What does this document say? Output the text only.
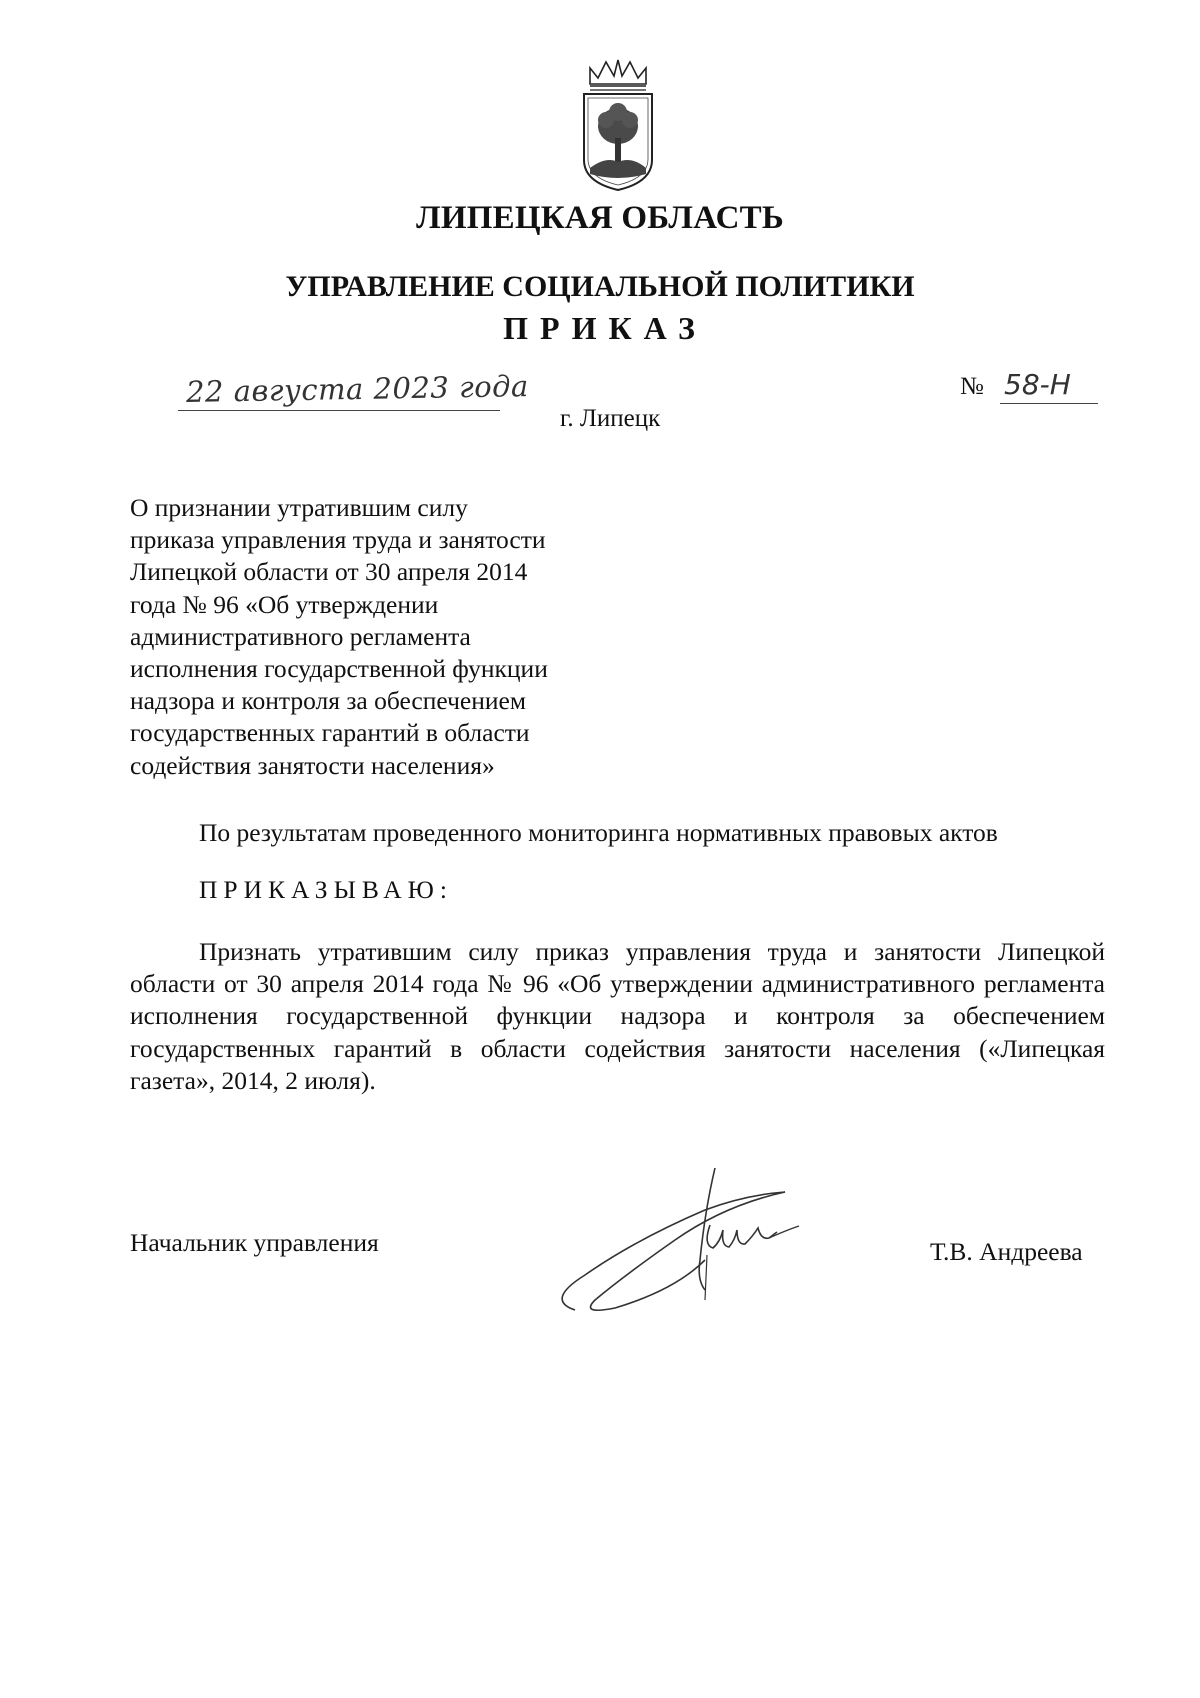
ЛИПЕЦКАЯ ОБЛАСТЬ
УПРАВЛЕНИЕ СОЦИАЛЬНОЙ ПОЛИТИКИ
ПРИКАЗ
22 августа 2023 года	№ 58-Н
г. Липецк
О признании утратившим силу
приказа управления труда и занятости
Липецкой области от 30 апреля 2014
года № 96 «Об утверждении
административного регламента
исполнения государственной функции
надзора и контроля за обеспечением
государственных гарантий в области
содействия занятости населения»
По результатам проведенного мониторинга нормативных правовых актов
ПРИКАЗЫВАЮ:
Признать утратившим силу приказ управления труда и занятости Липецкой области от 30 апреля 2014 года № 96 «Об утверждении административного регламента исполнения государственной функции надзора и контроля за обеспечением государственных гарантий в области содействия занятости населения («Липецкая газета», 2014, 2 июля).
Начальник управления	Т.В. Андреева
